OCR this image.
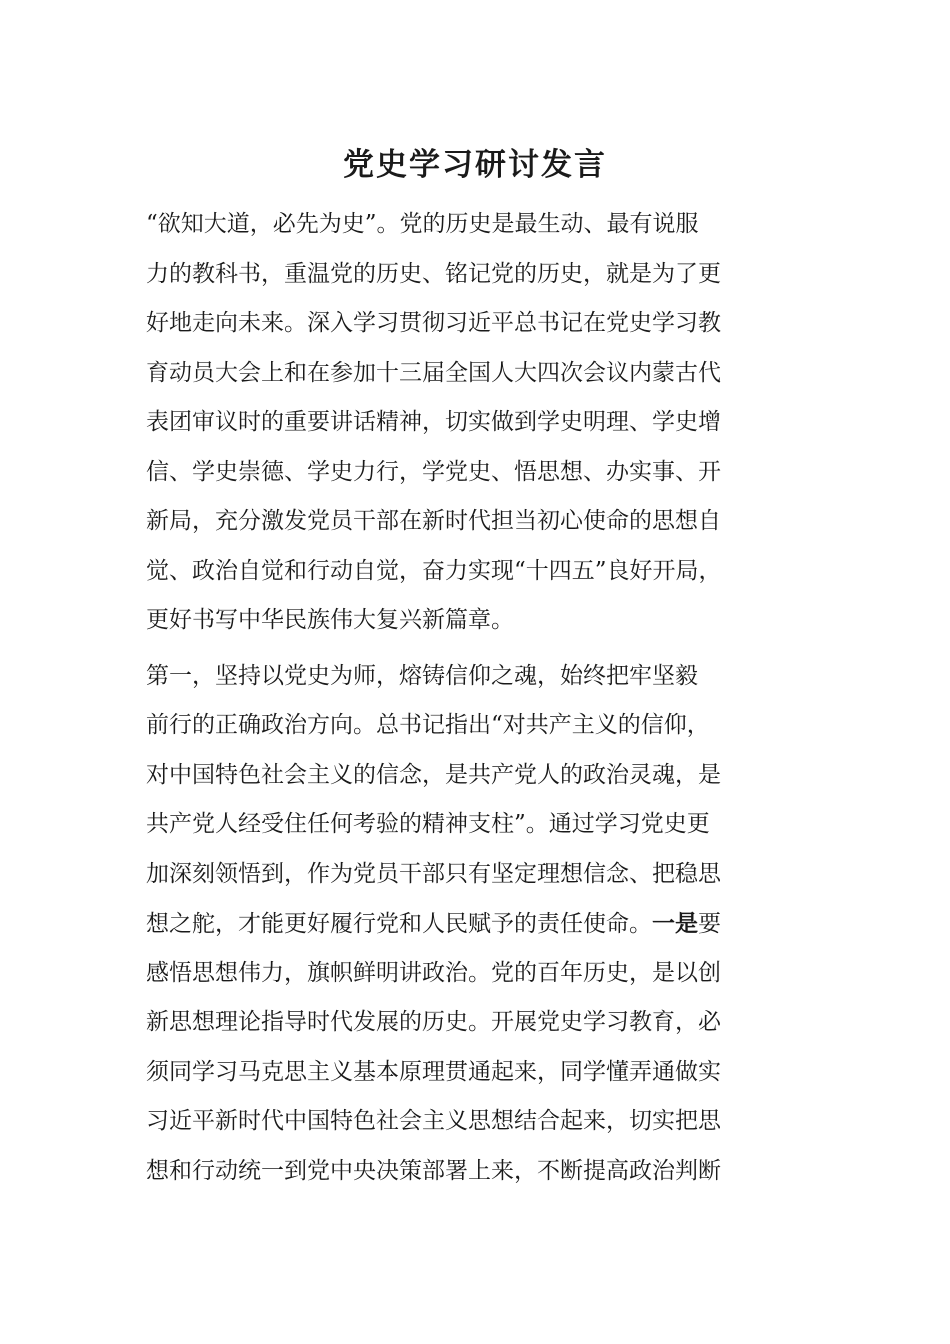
党史学习研讨发言

“欲知大道，必先为史”。党的历史是最生动、最有说服
力的教科书，重温党的历史、铭记党的历史，就是为了更
好地走向未来。深入学习贯彻习近平总书记在党史学习教
育动员大会上和在参加十三届全国人大四次会议内蒙古代
表团审议时的重要讲话精神，切实做到学史明理、学史增
信、学史崇德、学史力行，学党史、悟思想、办实事、开
新局，充分激发党员干部在新时代担当初心使命的思想自
觉、政治自觉和行动自觉，奋力实现“十四五”良好开局，
更好书写中华民族伟大复兴新篇章。

第一，坚持以党史为师，熔铸信仰之魂，始终把牢坚毅
前行的正确政治方向。总书记指出“对共产主义的信仰，
对中国特色社会主义的信念，是共产党人的政治灵魂，是
共产党人经受住任何考验的精神支柱”。通过学习党史更
加深刻领悟到，作为党员干部只有坚定理想信念、把稳思
想之舵，才能更好履行党和人民赋予的责任使命。一是要
感悟思想伟力，旗帜鲜明讲政治。党的百年历史，是以创
新思想理论指导时代发展的历史。开展党史学习教育，必
须同学习马克思主义基本原理贯通起来，同学懂弄通做实
习近平新时代中国特色社会主义思想结合起来，切实把思
想和行动统一到党中央决策部署上来，不断提高政治判断
